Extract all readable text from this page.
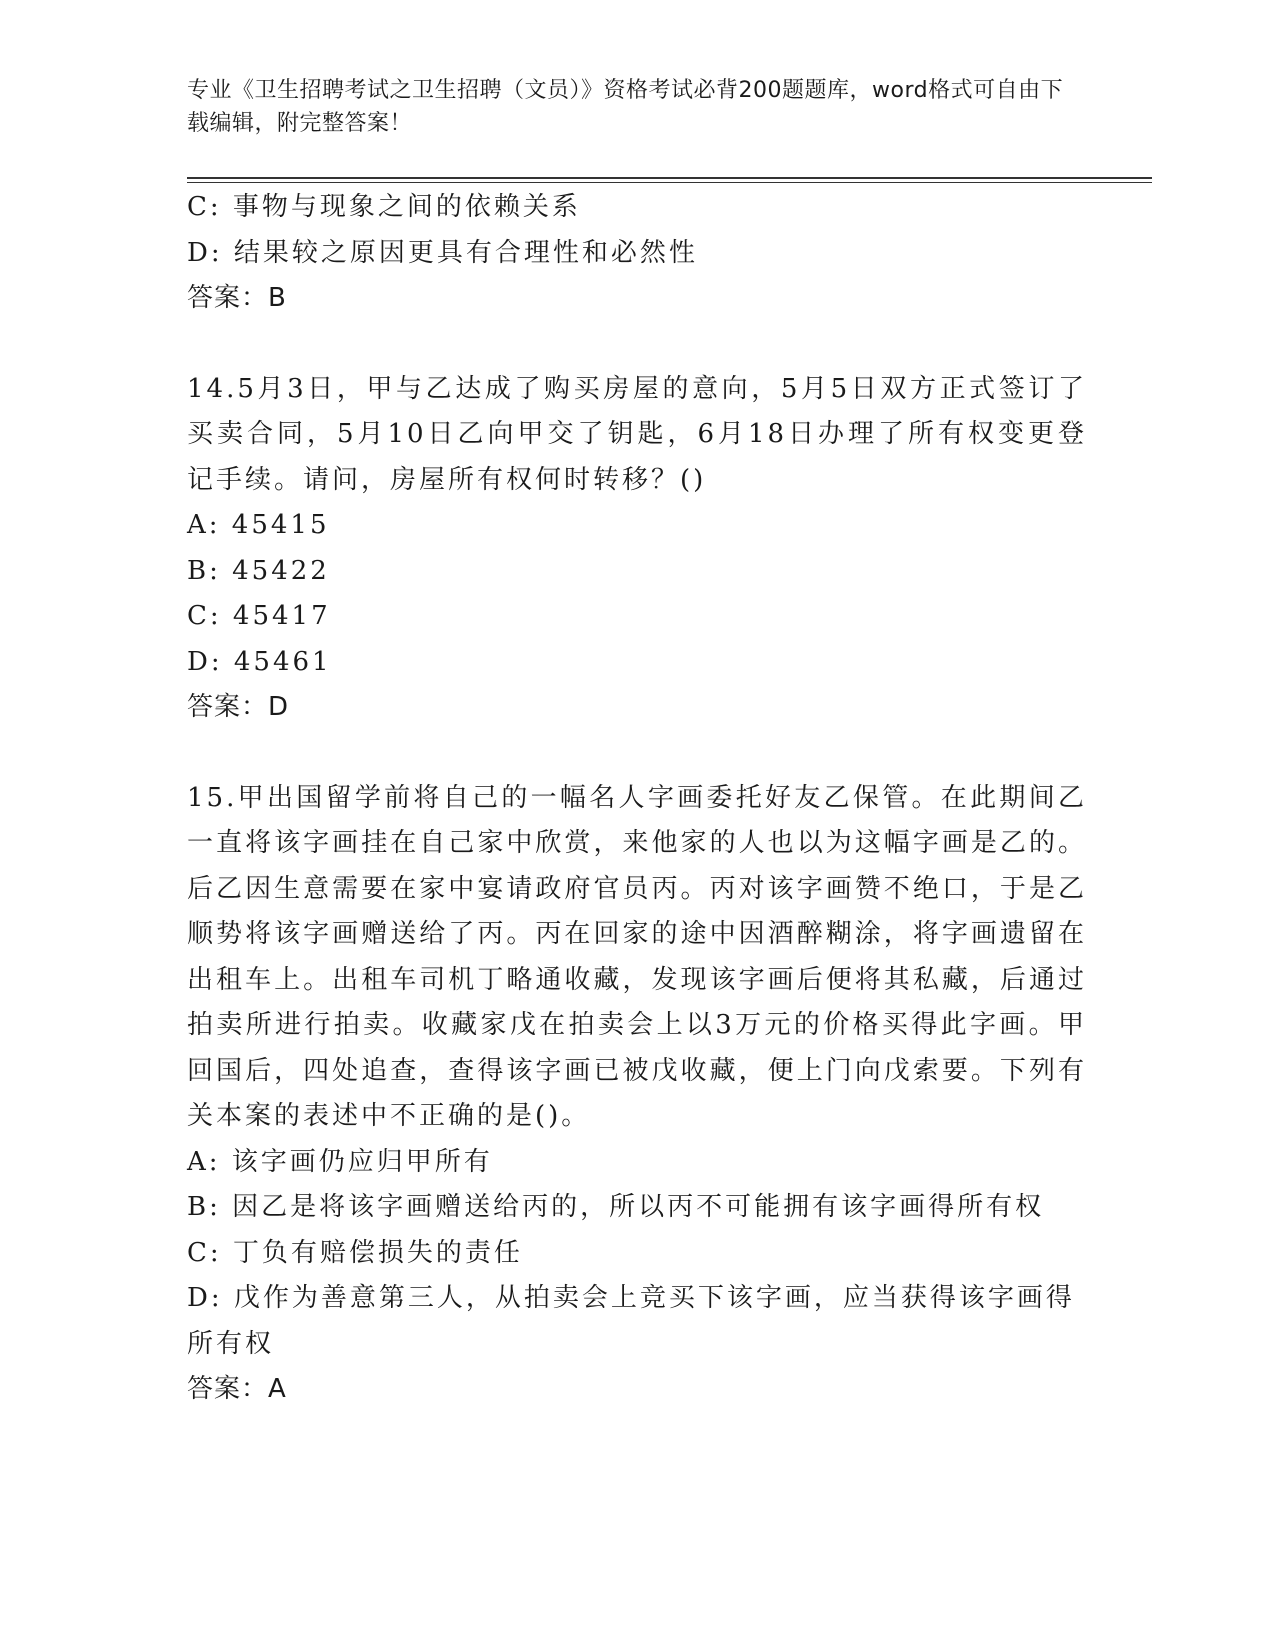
专业《卫生招聘考试之卫生招聘（文员）》资格考试必背200题题库，word格式可自由下载编辑，附完整答案！
C: 事物与现象之间的依赖关系
D: 结果较之原因更具有合理性和必然性
答案：B
14.5月3日，甲与乙达成了购买房屋的意向，5月5日双方正式签订了买卖合同，5月10日乙向甲交了钥匙，6月18日办理了所有权变更登记手续。请问，房屋所有权何时转移？()
A: 45415
B: 45422
C: 45417
D: 45461
答案：D
15.甲出国留学前将自己的一幅名人字画委托好友乙保管。在此期间乙一直将该字画挂在自己家中欣赏，来他家的人也以为这幅字画是乙的。后乙因生意需要在家中宴请政府官员丙。丙对该字画赞不绝口，于是乙顺势将该字画赠送给了丙。丙在回家的途中因酒醉糊涂，将字画遗留在出租车上。出租车司机丁略通收藏，发现该字画后便将其私藏，后通过拍卖所进行拍卖。收藏家戊在拍卖会上以3万元的价格买得此字画。甲回国后，四处追查，查得该字画已被戊收藏，便上门向戊索要。下列有关本案的表述中不正确的是()。
A: 该字画仍应归甲所有
B: 因乙是将该字画赠送给丙的，所以丙不可能拥有该字画得所有权
C: 丁负有赔偿损失的责任
D: 戊作为善意第三人，从拍卖会上竞买下该字画，应当获得该字画得所有权
答案：A
